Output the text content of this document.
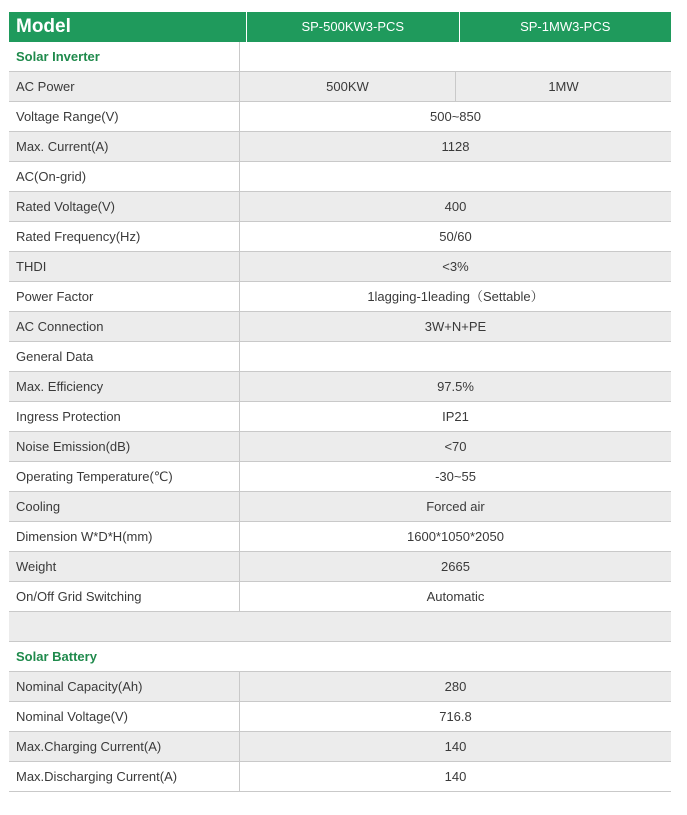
Model	SP-500KW3-PCS	SP-1MW3-PCS
Solar Inverter
AC Power	500KW	1MW
Voltage Range(V)	500~850
Max. Current(A)	1128
AC(On-grid)
Rated Voltage(V)	400
Rated Frequency(Hz)	50/60
THDI	<3%
Power Factor	1lagging-1leading（Settable）
AC Connection	3W+N+PE
General Data
Max. Efficiency	97.5%
Ingress Protection	IP21
Noise Emission(dB)	<70
Operating Temperature(℃)	-30~55
Cooling	Forced air
Dimension W*D*H(mm)	1600*1050*2050
Weight	2665
On/Off Grid Switching	Automatic
Solar Battery
Nominal Capacity(Ah)	280
Nominal Voltage(V)	716.8
Max.Charging Current(A)	140
Max.Discharging Current(A)	140
